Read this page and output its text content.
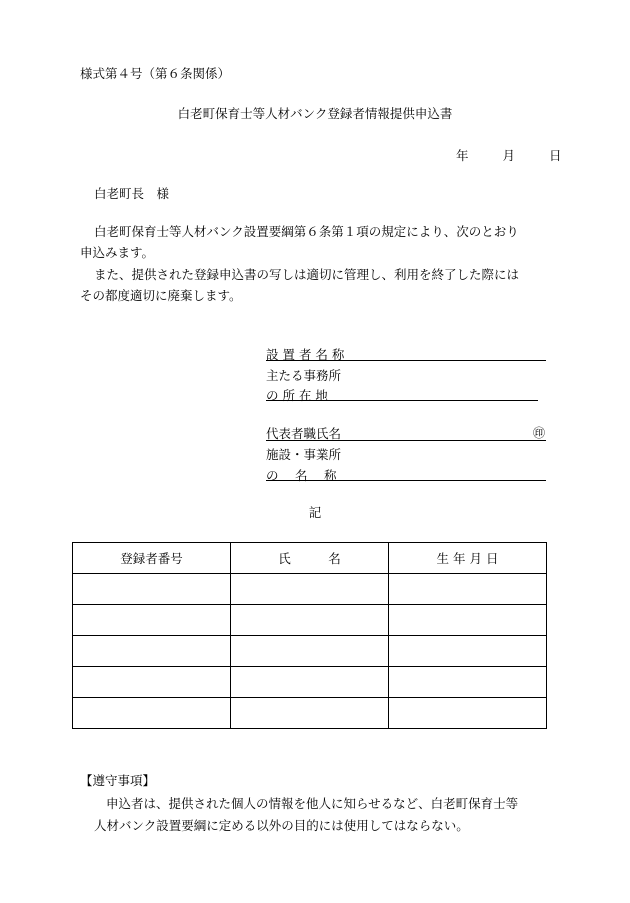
様式第４号（第６条関係）
白老町保育士等人材バンク登録者情報提供申込書
年	月	日
白老町長　様
白老町保育士等人材バンク設置要綱第６条第１項の規定により、次のとおり
申込みます。
また、提供された登録申込書の写しは適切に管理し、利用を終了した際には
その都度適切に廃棄します。
設 置 者 名 称
主たる事務所
の 所 在 地
代表者職氏名	㊞
施設・事業所
の　 名　 称
記
登録者番号	氏　　　名	生 年 月 日

【遵守事項】
申込者は、提供された個人の情報を他人に知らせるなど、白老町保育士等
人材バンク設置要綱に定める以外の目的には使用してはならない。
